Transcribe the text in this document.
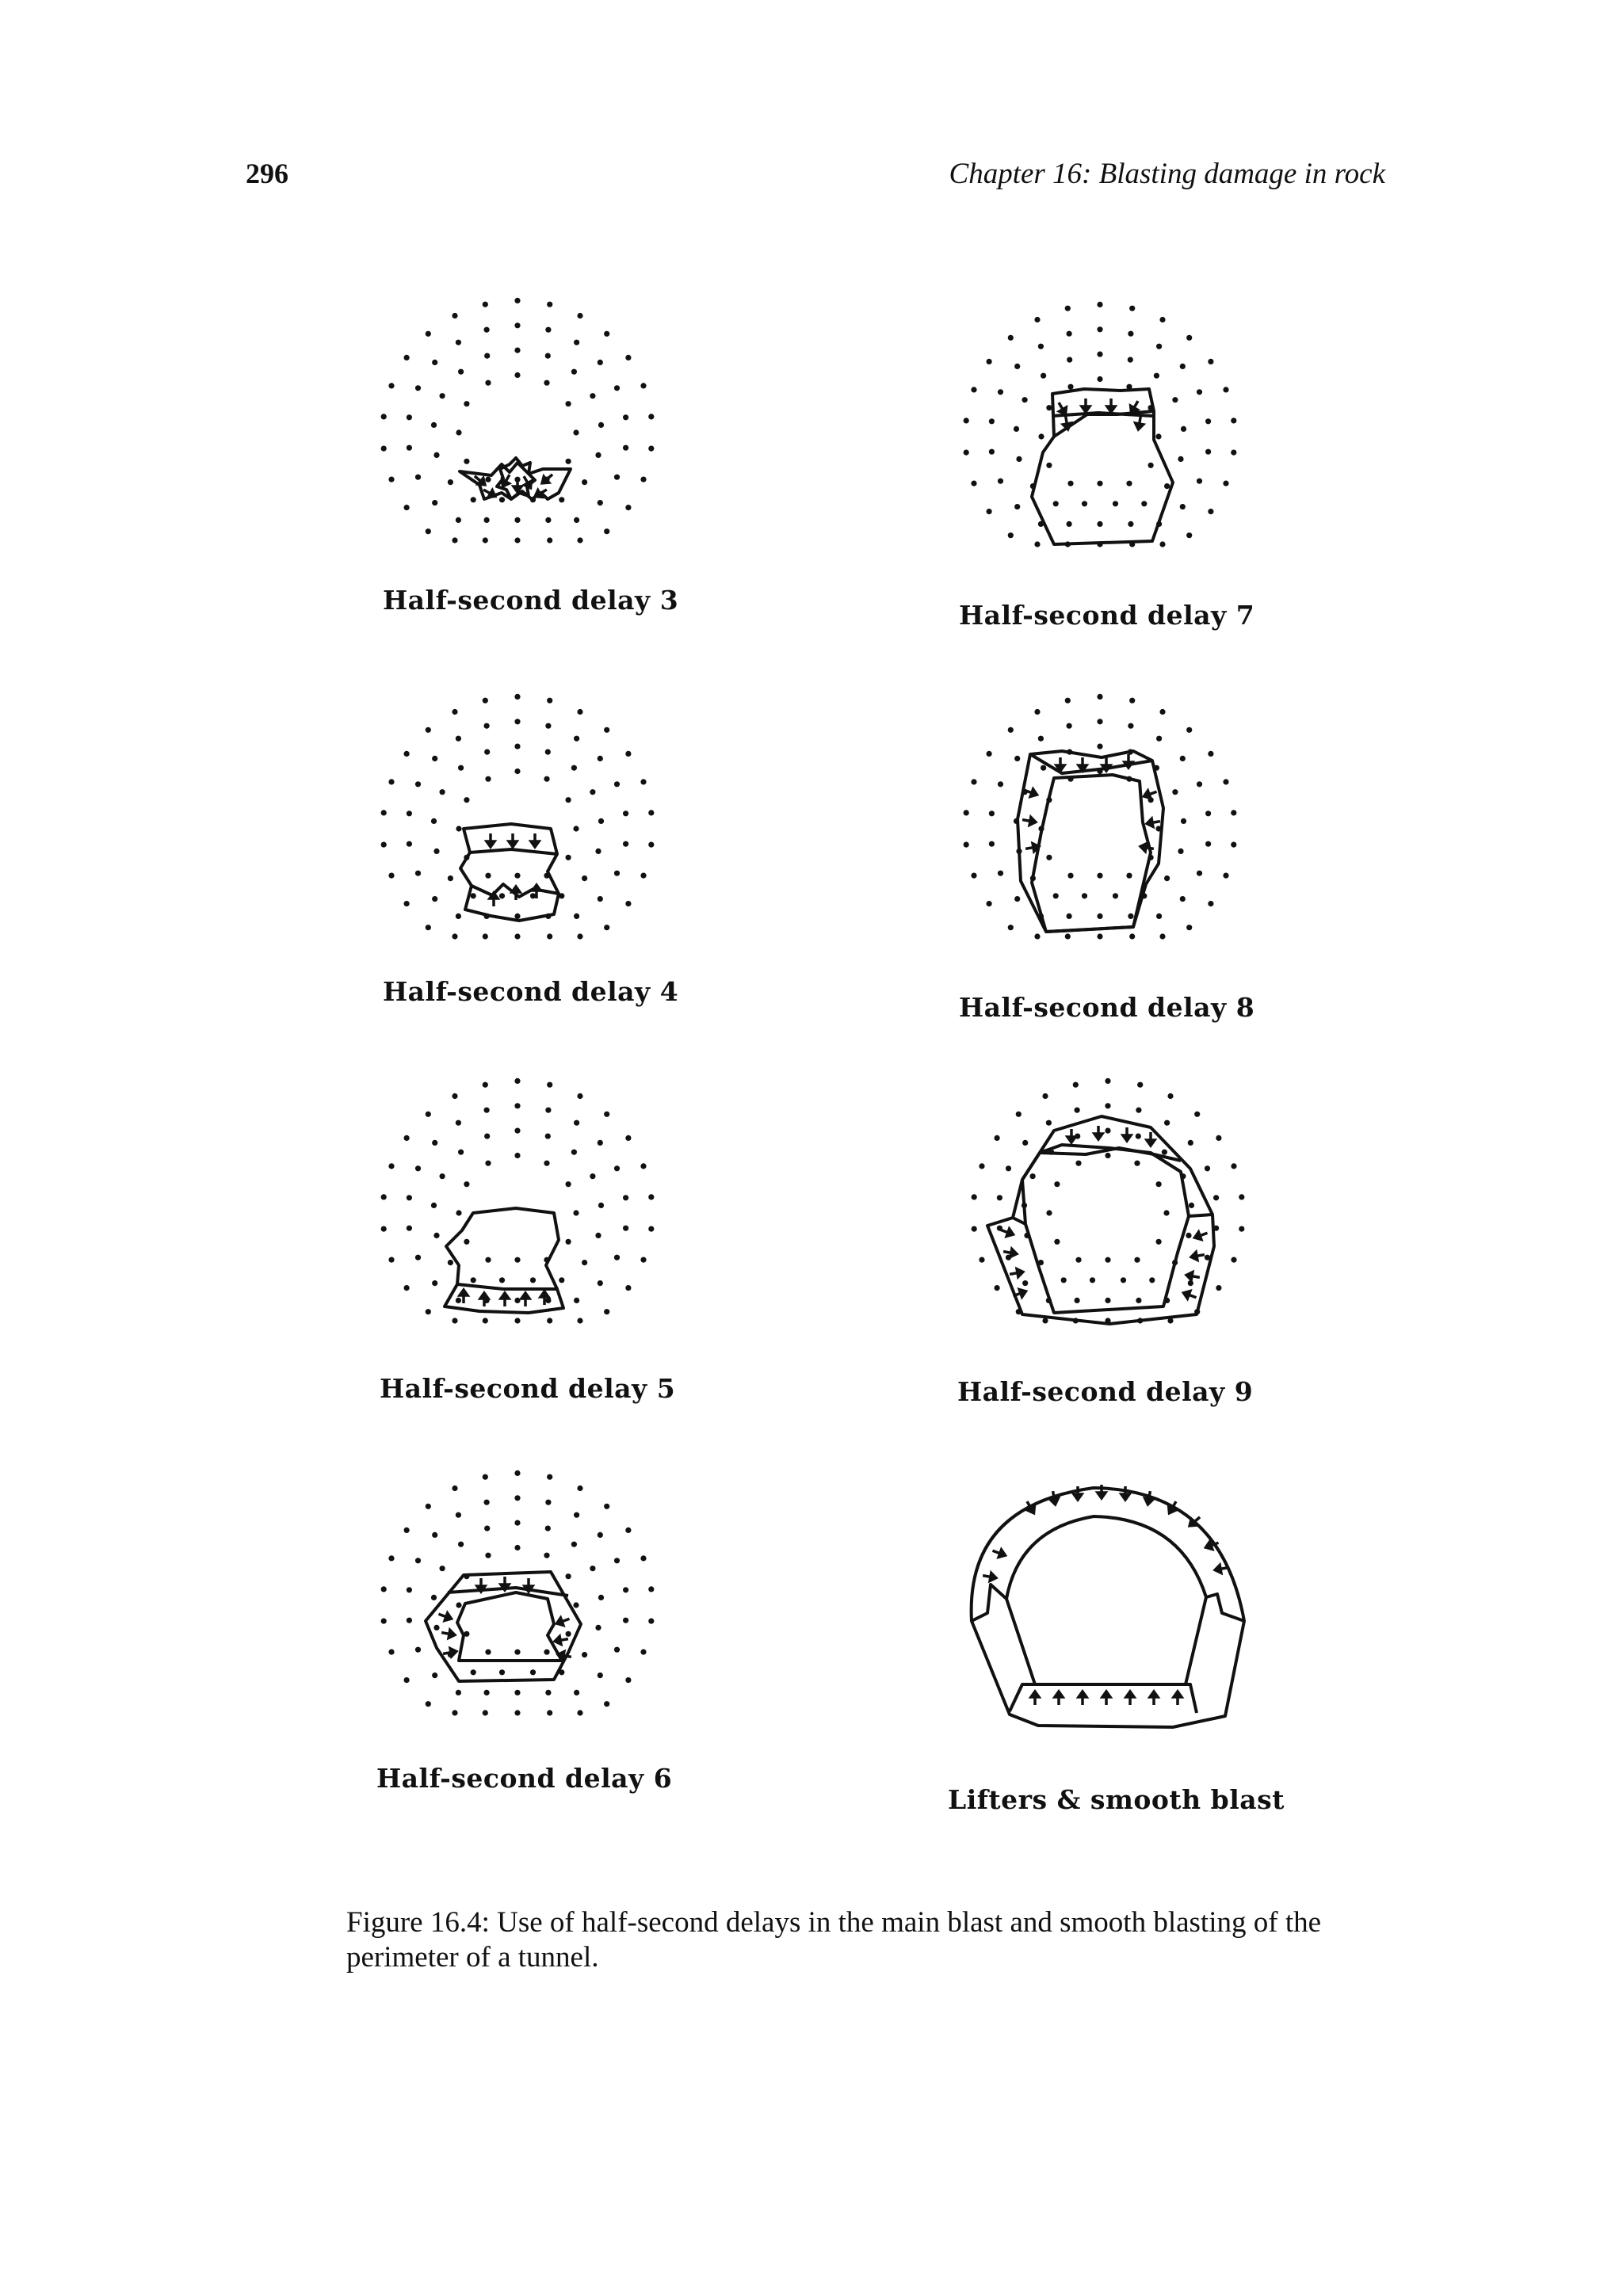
296	Chapter 16: Blasting damage in rock
Half-second delay 3
Half-second delay 4
Half-second delay 5
Half-second delay 6
Half-second delay 7
Half-second delay 8
Half-second delay 9
Lifters & smooth blast
Figure 16.4: Use of half-second delays in the main blast and smooth blasting of the perimeter of a tunnel.
